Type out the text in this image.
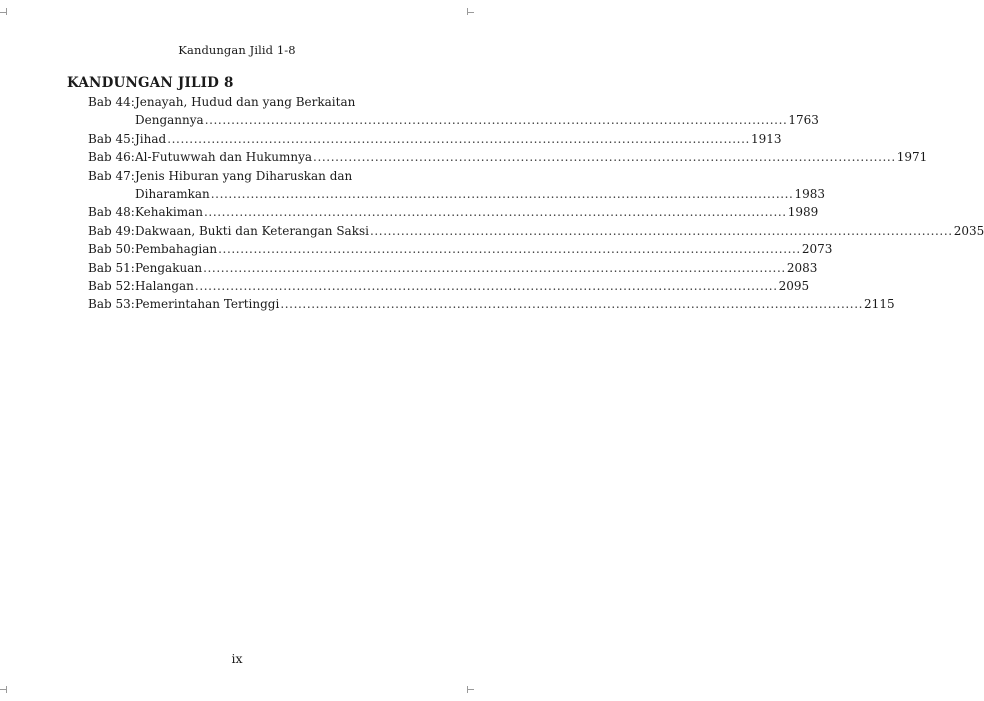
Kandungan Jilid 1-8
KANDUNGAN JILID 8
Bab 44: Jenayah, Hudud dan yang Berkaitan
Dengannya .................................................................................................................................... 1763
Bab 45: Jihad .................................................................................................................................... 1913
Bab 46: Al-Futuwwah dan Hukumnya .................................................................................................................................... 1971
Bab 47: Jenis Hiburan yang Diharuskan dan
Diharamkan .................................................................................................................................... 1983
Bab 48: Kehakiman .................................................................................................................................... 1989
Bab 49: Dakwaan, Bukti dan Keterangan Saksi .................................................................................................................................... 2035
Bab 50: Pembahagian .................................................................................................................................... 2073
Bab 51: Pengakuan .................................................................................................................................... 2083
Bab 52: Halangan .................................................................................................................................... 2095
Bab 53: Pemerintahan Tertinggi .................................................................................................................................... 2115
ix
